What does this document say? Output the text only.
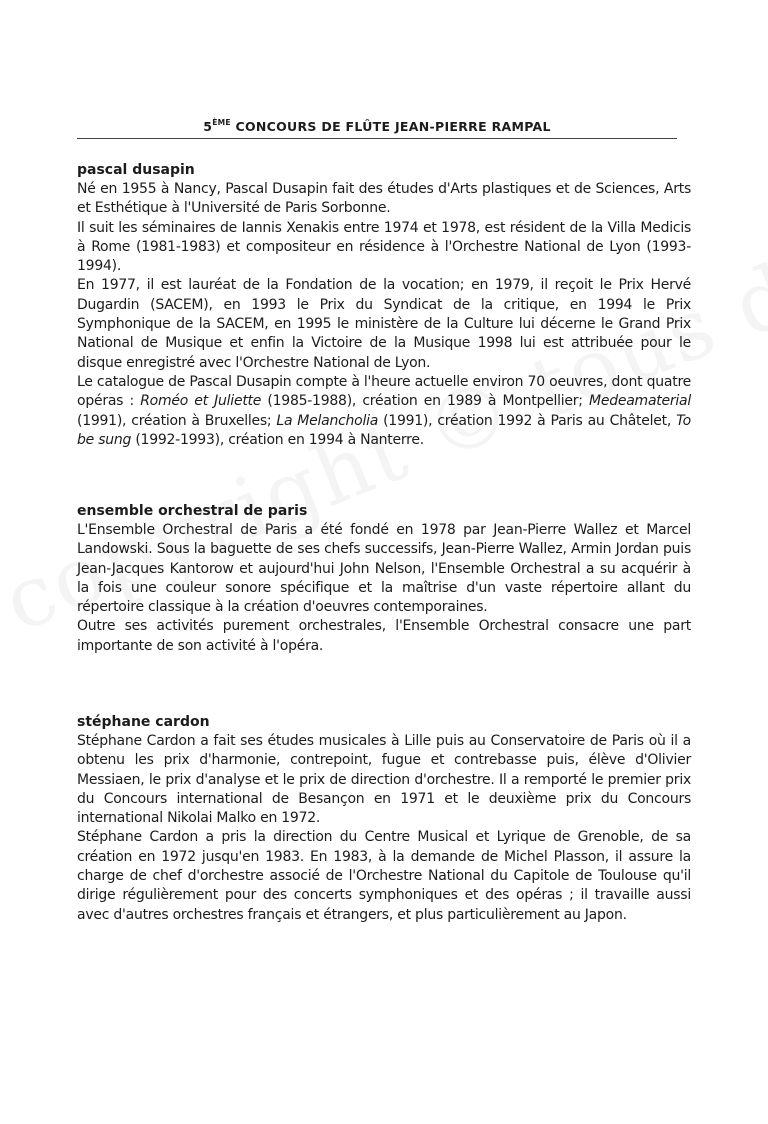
5ÈME CONCOURS DE FLÛTE JEAN-PIERRE RAMPAL
pascal dusapin

Né en 1955 à Nancy, Pascal Dusapin fait des études d'Arts plastiques et de Sciences, Arts et Esthétique à l'Université de Paris Sorbonne.

Il suit les séminaires de Iannis Xenakis entre 1974 et 1978, est résident de la Villa Medicis à Rome (1981-1983) et compositeur en résidence à l'Orchestre National de Lyon (1993-1994).

En 1977, il est lauréat de la Fondation de la vocation; en 1979, il reçoit le Prix Hervé Dugardin (SACEM), en 1993 le Prix du Syndicat de la critique, en 1994 le Prix Symphonique de la SACEM, en 1995 le ministère de la Culture lui décerne le Grand Prix National de Musique et enfin la Victoire de la Musique 1998 lui est attribuée pour le disque enregistré avec l'Orchestre National de Lyon.

Le catalogue de Pascal Dusapin compte à l'heure actuelle environ 70 oeuvres, dont quatre opéras : Roméo et Juliette (1985-1988), création en 1989 à Montpellier; Medeamaterial (1991), création à Bruxelles; La Melancholia (1991), création 1992 à Paris au Châtelet, To be sung (1992-1993), création en 1994 à Nanterre.

ensemble orchestral de paris

L'Ensemble Orchestral de Paris a été fondé en 1978 par Jean-Pierre Wallez et Marcel Landowski. Sous la baguette de ses chefs successifs, Jean-Pierre Wallez, Armin Jordan puis Jean-Jacques Kantorow et aujourd'hui John Nelson, l'Ensemble Orchestral a su acquérir à la fois une couleur sonore spécifique et la maîtrise d'un vaste répertoire allant du répertoire classique à la création d'oeuvres contemporaines.

Outre ses activités purement orchestrales, l'Ensemble Orchestral consacre une part importante de son activité à l'opéra.

stéphane cardon

Stéphane Cardon a fait ses études musicales à Lille puis au Conservatoire de Paris où il a obtenu les prix d'harmonie, contrepoint, fugue et contrebasse puis, élève d'Olivier Messiaen, le prix d'analyse et le prix de direction d'orchestre. Il a remporté le premier prix du Concours international de Besançon en 1971 et le deuxième prix du Concours international Nikolai Malko en 1972.

Stéphane Cardon a pris la direction du Centre Musical et Lyrique de Grenoble, de sa création en 1972 jusqu'en 1983. En 1983, à la demande de Michel Plasson, il assure la charge de chef d'orchestre associé de l'Orchestre National du Capitole de Toulouse qu'il dirige régulièrement pour des concerts symphoniques et des opéras ; il travaille aussi avec d'autres orchestres français et étrangers, et plus particulièrement au Japon.
